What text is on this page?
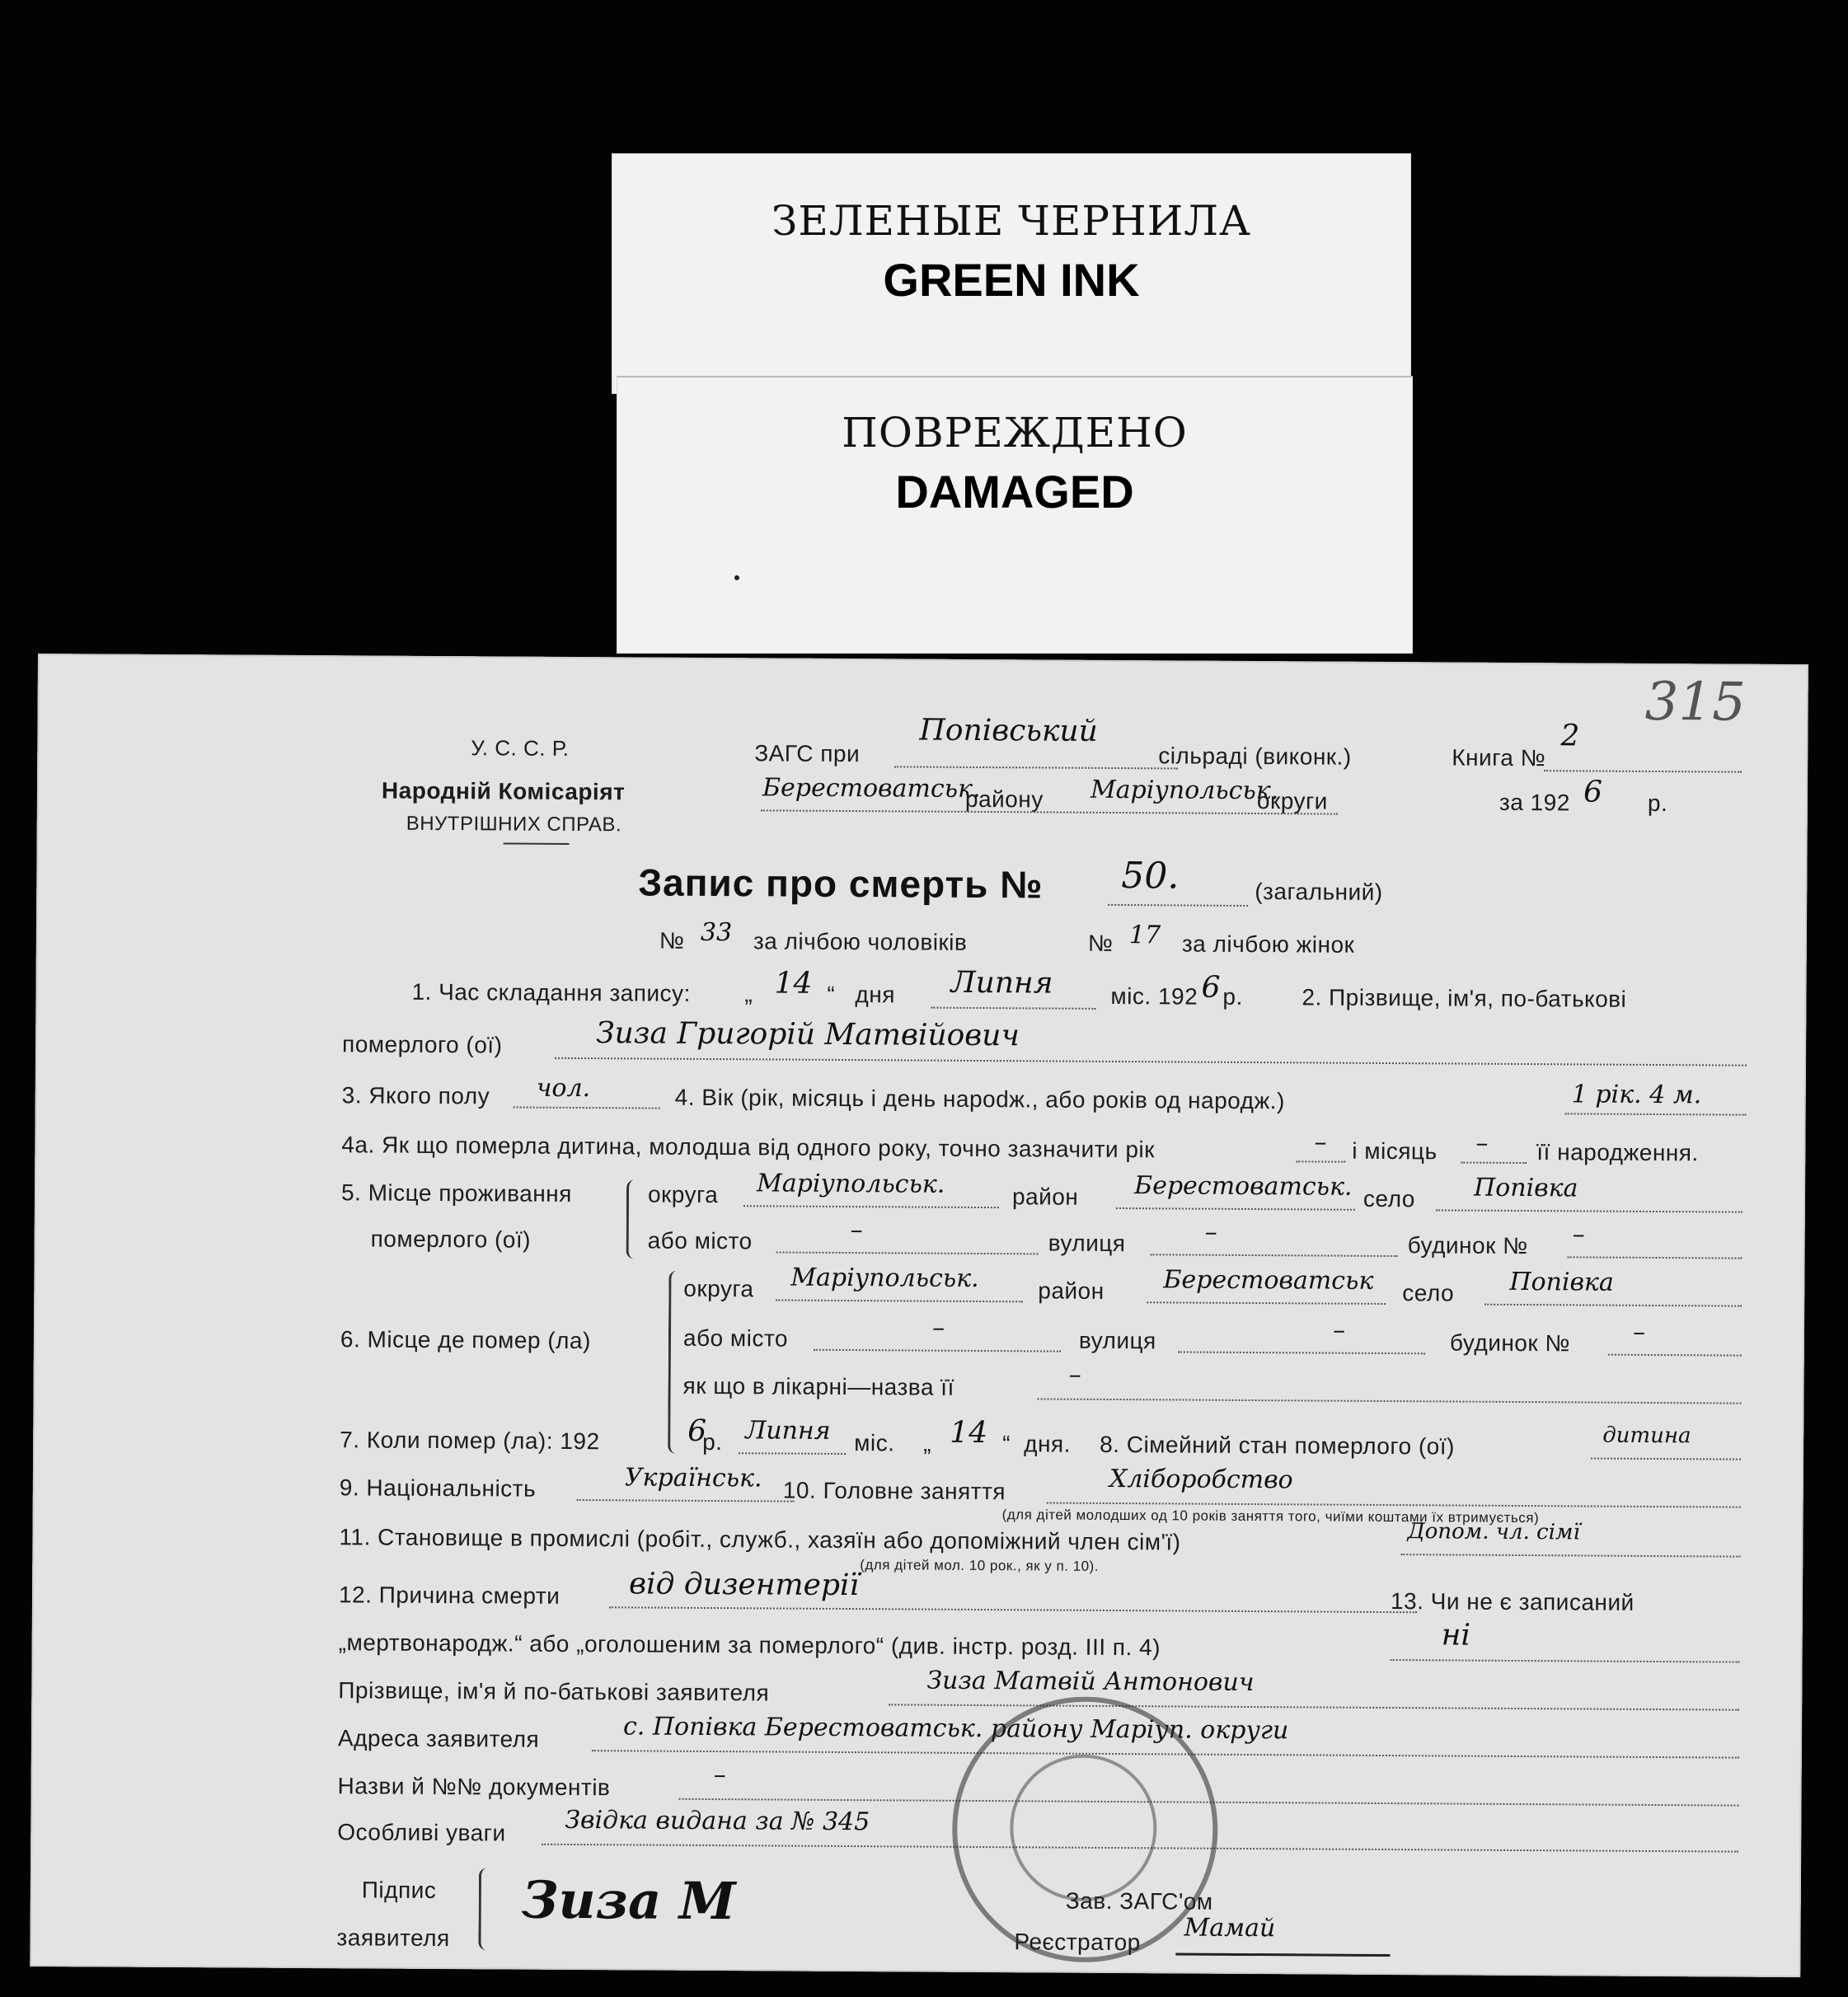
ЗЕЛЕНЫЕ ЧЕРНИЛА
GREEN INK
ПОВРЕЖДЕНО
DAMAGED
315
У. С. С. Р.
Народній Комісаріят
ВНУТРІШНИХ СПРАВ.
ЗАГС при
Попівський
сільраді (виконк.)	Книга №
2
Берестоватськ.
району Маріупольськ.
округи	за 192 6 р.
Запис про смерть № 50.	(загальний)
№ 33 за лічбою чоловіків	№ 17 за лічбою жінок
1. Час складання запису: „ 14 “ дня Липня міс. 192 6 р.	2. Прізвище, ім'я, по-батькові
померлого (ої)	Зиза Григорій Матвійович
3. Якого полу чол.	4. Вік (рік, місяць і день нарodж., або років од народж.)	1 рік. 4 м.
4а. Як що померла дитина, молодша від одного року, точно зазначити рік	– і місяць – її народження.
5. Місце проживання
померлого (ої)
округа Маріупольськ.	район Берестоватськ. село Попівка
або місто	–	вулиця	–	будинок № –
6. Місце де помер (ла)
округа Маріупольськ.	район Берестоватськ село Попівка
або місто	–	вулиця	–	будинок №	–
як що в лікарні—назва її	–
7. Коли помер (ла): 192	6
р. Липня міс. „ 14 “ дня. 8. Сімейний стан померлого (ої)	дитина
9. Національність	Українськ. 10. Головне заняття	Хліборобство
(для дітей молодших од 10 років заняття того, чиїми коштами їх втримується)
11. Становище в промислі (робіт., служб., хазяїн або допоміжний член сім'ї)	Допом. чл. сімї
(для дітей мол. 10 рок., як у п. 10).
12. Причина смерти від дизентерії	13. Чи не є записаний
„мертвонародж.“ або „оголошеним за померлого“ (див. інстр. розд. III п. 4)	ні
Прізвище, ім'я й по-батькові заявителя	Зиза Матвій Антонович
Адреса заявителя	с. Попівка Берестоватськ. району Маріуп. округи
Назви й №№ документів	–
Особливі уваги Звідка видана за № 345
Підпис
заявителя
Зиза М	Зав. ЗАГС'ом
Реєстратор Мамай
